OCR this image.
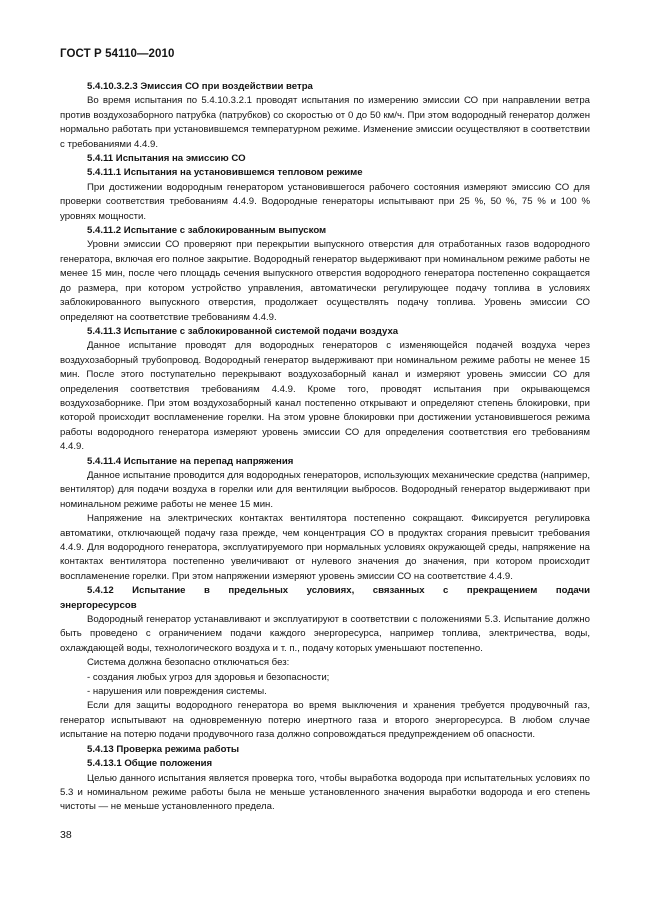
ГОСТ Р 54110—2010

5.4.10.3.2.3 Эмиссия СО при воздействии ветра

Во время испытания по 5.4.10.3.2.1 проводят испытания по измерению эмиссии СО при направлении ветра против воздухозаборного патрубка (патрубков) со скоростью от 0 до 50 км/ч. При этом водородный генератор должен нормально работать при установившемся температурном режиме. Изменение эмиссии осуществляют в соответствии с требованиями 4.4.9.

5.4.11 Испытания на эмиссию СО

5.4.11.1 Испытания на установившемся тепловом режиме

При достижении водородным генератором установившегося рабочего состояния измеряют эмиссию СО для проверки соответствия требованиям 4.4.9. Водородные генераторы испытывают при 25 %, 50 %, 75 % и 100 % уровнях мощности.

5.4.11.2 Испытание с заблокированным выпуском

Уровни эмиссии СО проверяют при перекрытии выпускного отверстия для отработанных газов водородного генератора, включая его полное закрытие. Водородный генератор выдерживают при номинальном режиме работы не менее 15 мин, после чего площадь сечения выпускного отверстия водородного генератора постепенно сокращается до размера, при котором устройство управления, автоматически регулирующее подачу топлива в условиях заблокированного выпускного отверстия, продолжает осуществлять подачу топлива. Уровень эмиссии СО определяют на соответствие требованиям 4.4.9.

5.4.11.3 Испытание с заблокированной системой подачи воздуха

Данное испытание проводят для водородных генераторов с изменяющейся подачей воздуха через воздухозаборный трубопровод. Водородный генератор выдерживают при номинальном режиме работы не менее 15 мин. После этого поступательно перекрывают воздухозаборный канал и измеряют уровень эмиссии СО для определения соответствия требованиям 4.4.9. Кроме того, проводят испытания при окрывающемся воздухозаборнике. При этом воздухозаборный канал постепенно открывают и определяют степень блокировки, при которой происходит воспламенение горелки. На этом уровне блокировки при достижении установившегося режима работы водородного генератора измеряют уровень эмиссии СО для определения соответствия его требованиям 4.4.9.

5.4.11.4 Испытание на перепад напряжения

Данное испытание проводится для водородных генераторов, использующих механические средства (например, вентилятор) для подачи воздуха в горелки или для вентиляции выбросов. Водородный генератор выдерживают при номинальном режиме работы не менее 15 мин.

Напряжение на электрических контактах вентилятора постепенно сокращают. Фиксируется регулировка автоматики, отключающей подачу газа прежде, чем концентрация СО в продуктах сгорания превысит требования 4.4.9. Для водородного генератора, эксплуатируемого при нормальных условиях окружающей среды, напряжение на контактах вентилятора постепенно увеличивают от нулевого значения до значения, при котором происходит воспламенение горелки. При этом напряжении измеряют уровень эмиссии СО на соответствие 4.4.9.

5.4.12 Испытание в предельных условиях, связанных с прекращением подачи

энергоресурсов

Водородный генератор устанавливают и эксплуатируют в соответствии с положениями 5.3. Испытание должно быть проведено с ограничением подачи каждого энергоресурса, например топлива, электричества, воды, охлаждающей воды, технологического воздуха и т. п., подачу которых уменьшают постепенно.

Система должна безопасно отключаться без:

- создания любых угроз для здоровья и безопасности;

- нарушения или повреждения системы.

Если для защиты водородного генератора во время выключения и хранения требуется продувочный газ, генератор испытывают на одновременную потерю инертного газа и второго энергоресурса. В любом случае испытание на потерю подачи продувочного газа должно сопровождаться предупреждением об опасности.

5.4.13 Проверка режима работы

5.4.13.1 Общие положения

Целью данного испытания является проверка того, чтобы выработка водорода при испытательных условиях по 5.3 и номинальном режиме работы была не меньше установленного значения выработки водорода и его степень чистоты — не меньше установленного предела.

38
